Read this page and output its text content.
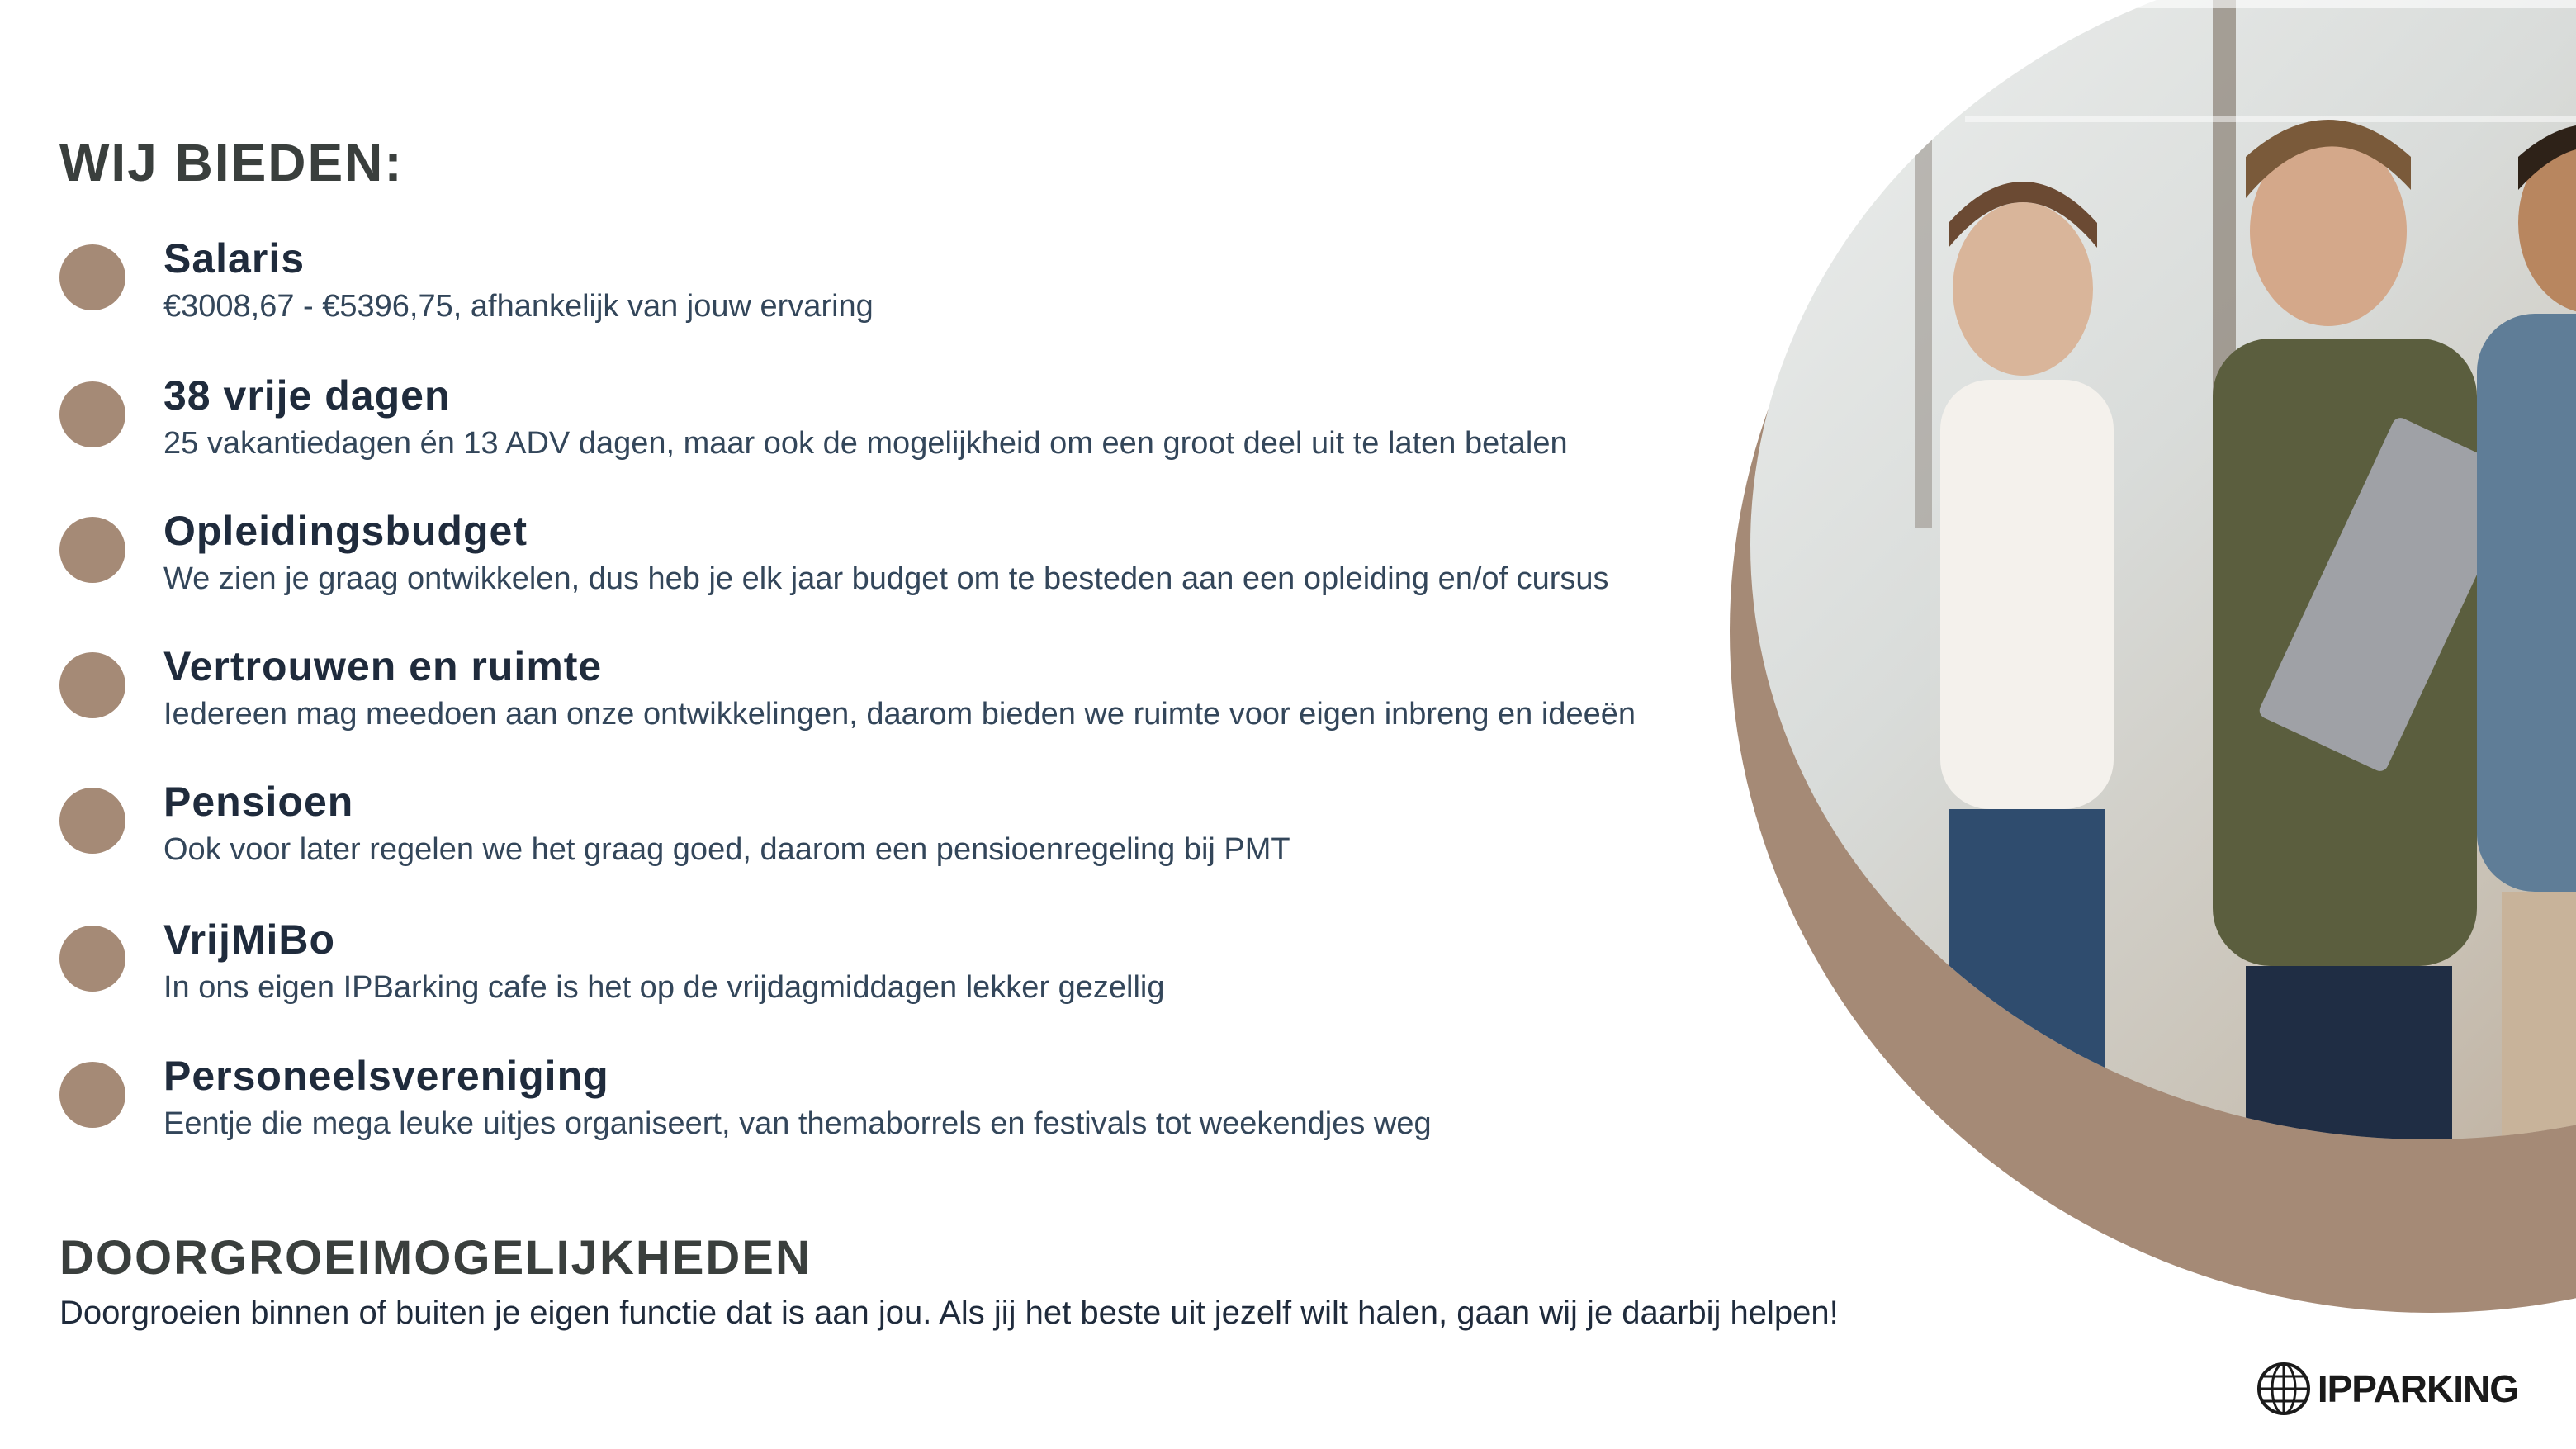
WIJ BIEDEN:
Salaris
€3008,67 - €5396,75, afhankelijk van jouw ervaring
38 vrije dagen
25 vakantiedagen én 13 ADV dagen, maar ook de mogelijkheid om een groot deel uit te laten betalen
Opleidingsbudget
We zien je graag ontwikkelen, dus heb je elk jaar budget om te besteden aan een opleiding en/of cursus
Vertrouwen en ruimte
Iedereen mag meedoen aan onze ontwikkelingen, daarom bieden we ruimte voor eigen inbreng en ideeën
Pensioen
Ook voor later regelen we het graag goed, daarom een pensioenregeling bij PMT
VrijMiBo
In ons eigen IPBarking cafe is het op de vrijdagmiddagen lekker gezellig
Personeelsvereniging
Eentje die mega leuke uitjes organiseert, van themaborrels en festivals tot weekendjes weg
DOORGROEIMOGELIJKHEDEN
Doorgroeien binnen of buiten je eigen functie dat is aan jou. Als jij het beste uit jezelf wilt halen, gaan wij je daarbij helpen!
IPPARKING
